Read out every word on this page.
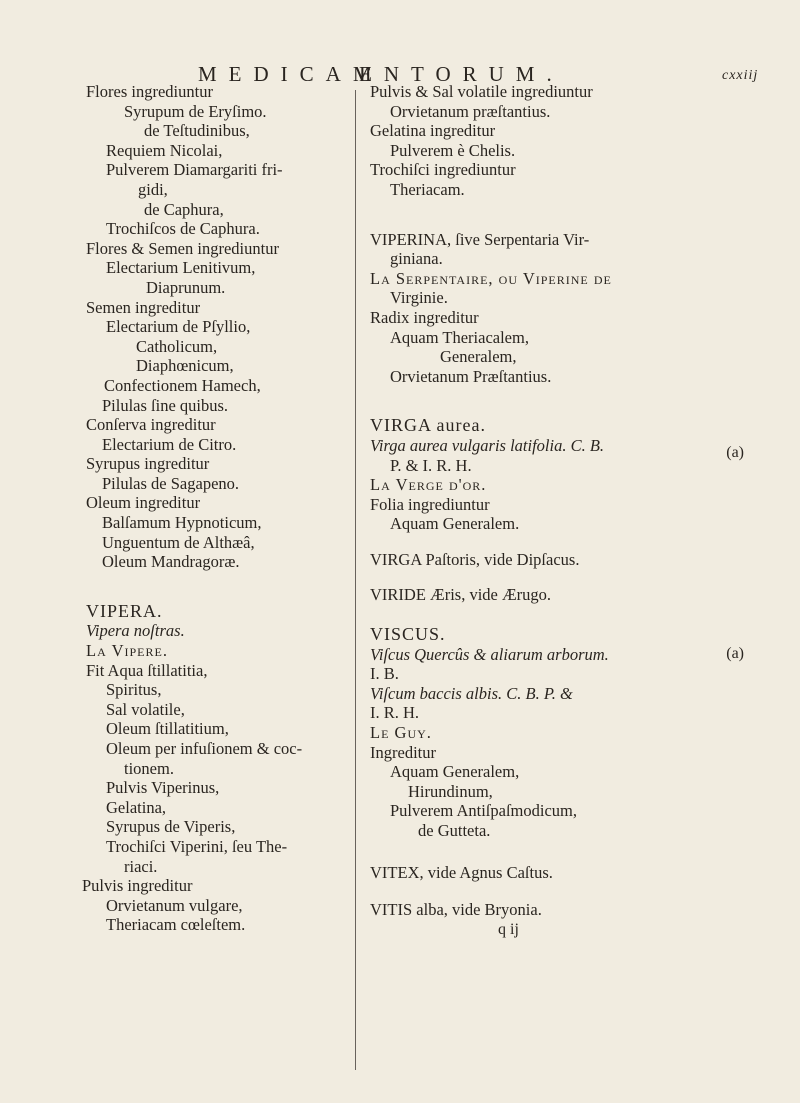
MEDICAM
ENTORUM.	cxxiij
Flores ingrediuntur
Syrupum de Eryſimo.
de Teſtudinibus,
Requiem Nicolai,
Pulverem Diamargariti fri-
gidi,
de Caphura,
Trochiſcos de Caphura.
Flores & Semen ingrediuntur
Electarium Lenitivum,
Diaprunum.
Semen ingreditur
Electarium de Pſyllio,
Catholicum,
Diaphœnicum,
Confectionem Hamech,
Pilulas ſine quibus.
Conſerva ingreditur
Electarium de Citro.
Syrupus ingreditur
Pilulas de Sagapeno.
Oleum ingreditur
Balſamum Hypnoticum,
Unguentum de Althæâ,
Oleum Mandragoræ.
VIPERA.
Vipera noſtras.
La Vipere.
Fit Aqua ſtillatitia,
Spiritus,
Sal volatile,
Oleum ſtillatitium,
Oleum per infuſionem & coc-
tionem.
Pulvis Viperinus,
Gelatina,
Syrupus de Viperis,
Trochiſci Viperini, ſeu The-
riaci.
Pulvis ingreditur
Orvietanum vulgare,
Theriacam cœleſtem.
Pulvis & Sal volatile ingrediuntur
Orvietanum præſtantius.
Gelatina ingreditur
Pulverem è Chelis.
Trochiſci ingrediuntur
Theriacam.
VIPERINA, ſive Serpentaria Vir-
giniana.
La Serpentaire, ou Viperine de
Virginie.
Radix ingreditur
Aquam Theriacalem,
Generalem,
Orvietanum Præſtantius.
VIRGA aurea.
Virga aurea vulgaris latifolia. C. B.
P. & I. R. H.
(a)
La Verge d'or.
Folia ingrediuntur
Aquam Generalem.
VIRGA Paſtoris, vide Dipſacus.
VIRIDE Æris, vide Ærugo.
VISCUS.
Viſcus Quercûs & aliarum arborum.
I. B.
(a)
Viſcum baccis albis. C. B. P. &
I. R. H.
Le Guy.
Ingreditur
Aquam Generalem,
Hirundinum,
Pulverem Antiſpaſmodicum,
de Gutteta.
VITEX, vide Agnus Caſtus.
VITIS alba, vide Bryonia.
q ij
